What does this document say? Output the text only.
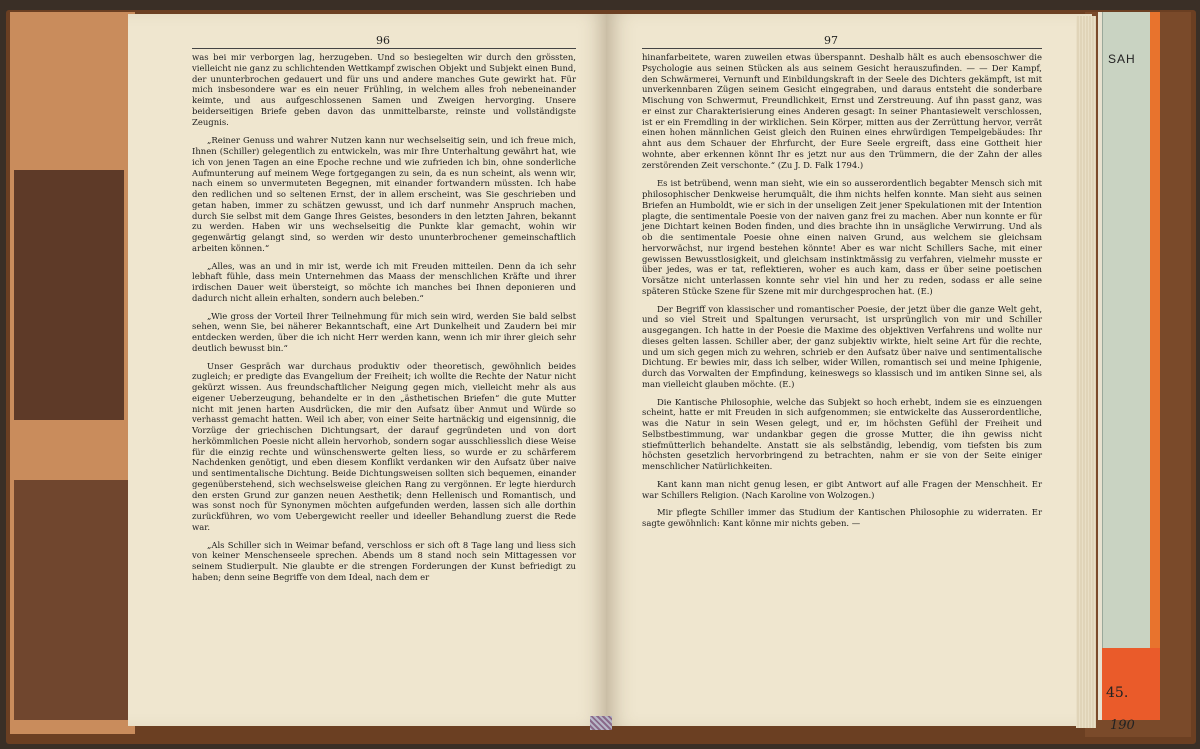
SAH
45.
190
96

was bei mir verborgen lag, herzugeben. Und so besiegelten wir durch den grössten, vielleicht nie ganz zu schlichtenden Wettkampf zwischen Objekt und Subjekt einen Bund, der ununterbrochen gedauert und für uns und andere manches Gute gewirkt hat. Für mich insbesondere war es ein neuer Frühling, in welchem alles froh nebeneinander keimte, und aus aufgeschlossenen Samen und Zweigen hervorging. Unsere beiderseitigen Briefe geben davon das unmittelbarste, reinste und vollständigste Zeugnis.

„Reiner Genuss und wahrer Nutzen kann nur wechselseitig sein, und ich freue mich, Ihnen (Schiller) gelegentlich zu entwickeln, was mir Ihre Unterhaltung gewährt hat, wie ich von jenen Tagen an eine Epoche rechne und wie zufrieden ich bin, ohne sonderliche Aufmunterung auf meinem Wege fortgegangen zu sein, da es nun scheint, als wenn wir, nach einem so unvermuteten Begegnen, mit einander fortwandern müssten. Ich habe den redlichen und so seltenen Ernst, der in allem erscheint, was Sie geschrieben und getan haben, immer zu schätzen gewusst, und ich darf nunmehr Anspruch machen, durch Sie selbst mit dem Gange Ihres Geistes, besonders in den letzten Jahren, bekannt zu werden. Haben wir uns wechselseitig die Punkte klar gemacht, wohin wir gegenwärtig gelangt sind, so werden wir desto ununterbrochener gemeinschaftlich arbeiten können.“

„Alles, was an und in mir ist, werde ich mit Freuden mitteilen. Denn da ich sehr lebhaft fühle, dass mein Unternehmen das Maass der menschlichen Kräfte und ihrer irdischen Dauer weit übersteigt, so möchte ich manches bei Ihnen deponieren und dadurch nicht allein erhalten, sondern auch beleben.“

„Wie gross der Vorteil Ihrer Teilnehmung für mich sein wird, werden Sie bald selbst sehen, wenn Sie, bei näherer Bekanntschaft, eine Art Dunkelheit und Zaudern bei mir entdecken werden, über die ich nicht Herr werden kann, wenn ich mir ihrer gleich sehr deutlich bewusst bin.“

Unser Gespräch war durchaus produktiv oder theoretisch, gewöhnlich beides zugleich; er predigte das Evangelium der Freiheit; ich wollte die Rechte der Natur nicht gekürzt wissen. Aus freundschaftlicher Neigung gegen mich, vielleicht mehr als aus eigener Ueberzeugung, behandelte er in den „ästhetischen Briefen“ die gute Mutter nicht mit jenen harten Ausdrücken, die mir den Aufsatz über Anmut und Würde so verhasst gemacht hatten. Weil ich aber, von einer Seite hartnäckig und eigensinnig, die Vorzüge der griechischen Dichtungsart, der darauf gegründeten und von dort herkömmlichen Poesie nicht allein hervorhob, sondern sogar ausschliesslich diese Weise für die einzig rechte und wünschenswerte gelten liess, so wurde er zu schärferem Nachdenken genötigt, und eben diesem Konflikt verdanken wir den Aufsatz über naive und sentimentalische Dichtung. Beide Dichtungsweisen sollten sich bequemen, einander gegenüberstehend, sich wechselsweise gleichen Rang zu vergönnen. Er legte hierdurch den ersten Grund zur ganzen neuen Aesthetik; denn Hellenisch und Romantisch, und was sonst noch für Synonymen möchten aufgefunden werden, lassen sich alle dorthin zurückführen, wo vom Uebergewicht reeller und ideeller Behandlung zuerst die Rede war.

„Als Schiller sich in Weimar befand, verschloss er sich oft 8 Tage lang und liess sich von keiner Menschenseele sprechen. Abends um 8 stand noch sein Mittagessen vor seinem Studierpult. Nie glaubte er die strengen Forderungen der Kunst befriedigt zu haben; denn seine Begriffe von dem Ideal, nach dem er

97

hinanfarbeitete, waren zuweilen etwas überspannt. Deshalb hält es auch ebensoschwer die Psychologie aus seinen Stücken als aus seinem Gesicht herauszufinden. — — Der Kampf, den Schwärmerei, Vernunft und Einbildungskraft in der Seele des Dichters gekämpft, ist mit unverkennbaren Zügen seinem Gesicht eingegraben, und daraus entsteht die sonderbare Mischung von Schwermut, Freundlichkeit, Ernst und Zerstreuung. Auf ihn passt ganz, was er einst zur Charakterisierung eines Anderen gesagt: In seiner Phantasiewelt verschlossen, ist er ein Fremdling in der wirklichen. Sein Körper, mitten aus der Zerrüttung hervor, verrät einen hohen männlichen Geist gleich den Ruinen eines ehrwürdigen Tempelgebäudes: Ihr ahnt aus dem Schauer der Ehrfurcht, der Eure Seele ergreift, dass eine Gottheit hier wohnte, aber erkennen könnt Ihr es jetzt nur aus den Trümmern, die der Zahn der alles zerstörenden Zeit verschonte.“ (Zu J. D. Falk 1794.)

Es ist betrübend, wenn man sieht, wie ein so ausserordentlich begabter Mensch sich mit philosophischer Denkweise herumquält, die ihm nichts helfen konnte. Man sieht aus seinen Briefen an Humboldt, wie er sich in der unseligen Zeit jener Spekulationen mit der Intention plagte, die sentimentale Poesie von der naiven ganz frei zu machen. Aber nun konnte er für jene Dichtart keinen Boden finden, und dies brachte ihn in unsägliche Verwirrung. Und als ob die sentimentale Poesie ohne einen naiven Grund, aus welchem sie gleichsam hervorwächst, nur irgend bestehen könnte! Aber es war nicht Schillers Sache, mit einer gewissen Bewusstlosigkeit, und gleichsam instinktmässig zu verfahren, vielmehr musste er über jedes, was er tat, reflektieren, woher es auch kam, dass er über seine poetischen Vorsätze nicht unterlassen konnte sehr viel hin und her zu reden, sodass er alle seine späteren Stücke Szene für Szene mit mir durchgesprochen hat. (E.)

Der Begriff von klassischer und romantischer Poesie, der jetzt über die ganze Welt geht, und so viel Streit und Spaltungen verursacht, ist ursprünglich von mir und Schiller ausgegangen. Ich hatte in der Poesie die Maxime des objektiven Verfahrens und wollte nur dieses gelten lassen. Schiller aber, der ganz subjektiv wirkte, hielt seine Art für die rechte, und um sich gegen mich zu wehren, schrieb er den Aufsatz über naive und sentimentalische Dichtung. Er bewies mir, dass ich selber, wider Willen, romantisch sei und meine Iphigenie, durch das Vorwalten der Empfindung, keineswegs so klassisch und im antiken Sinne sei, als man vielleicht glauben möchte. (E.)

Die Kantische Philosophie, welche das Subjekt so hoch erhebt, indem sie es einzuengen scheint, hatte er mit Freuden in sich aufgenommen; sie entwickelte das Ausserordentliche, was die Natur in sein Wesen gelegt, und er, im höchsten Gefühl der Freiheit und Selbstbestimmung, war undankbar gegen die grosse Mutter, die ihn gewiss nicht stiefmütterlich behandelte. Anstatt sie als selbständig, lebendig, vom tiefsten bis zum höchsten gesetzlich hervorbringend zu betrachten, nahm er sie von der Seite einiger menschlicher Natürlichkeiten.

Kant kann man nicht genug lesen, er gibt Antwort auf alle Fragen der Menschheit. Er war Schillers Religion. (Nach Karoline von Wolzogen.)

Mir pflegte Schiller immer das Studium der Kantischen Philosophie zu widerraten. Er sagte gewöhnlich: Kant könne mir nichts geben. —
